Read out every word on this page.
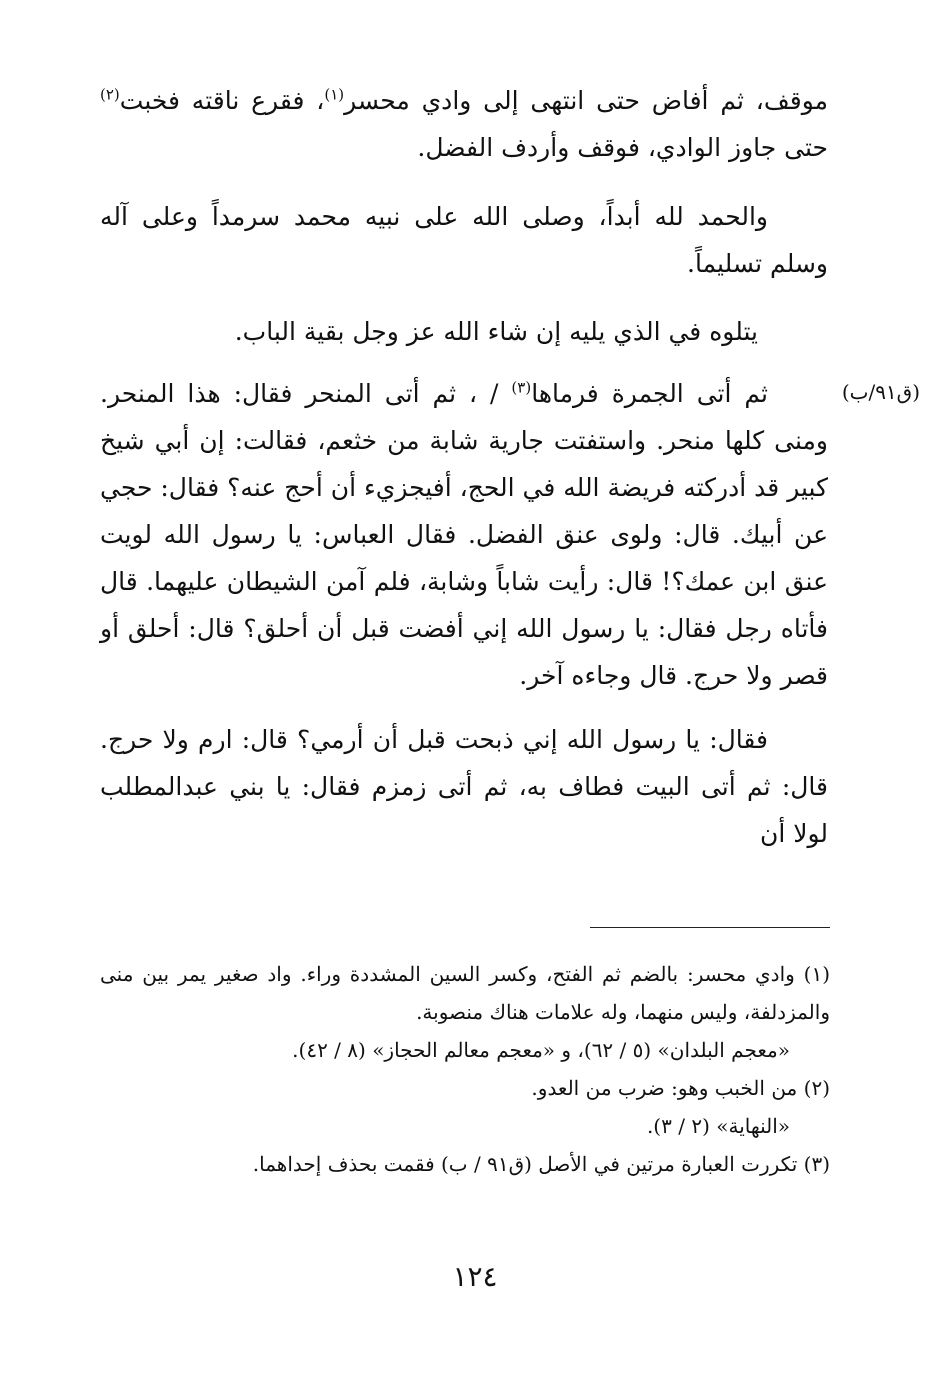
موقف، ثم أفاض حتى انتهى إلى وادي محسر$^{(١)}$، فقرع ناقته فخبت$^{(٢)}$ حتى جاوز الوادي، فوقف وأردف الفضل.
والحمد لله أبداً، وصلى الله على نبيه محمد سرمداً وعلى آله وسلم تسليماً.
يتلوه في الذي يليه إن شاء الله عز وجل بقية الباب.
(ق٩١/ب)
ثم أتى الجمرة فرماها$^{(٣)}$ / ، ثم أتى المنحر فقال: هذا المنحر. ومنى كلها منحر. واستفتت جارية شابة من خثعم، فقالت: إن أبي شيخ كبير قد أدركته فريضة الله في الحج، أفيجزيء أن أحج عنه؟ فقال: حجي عن أبيك. قال: ولوى عنق الفضل. فقال العباس: يا رسول الله لويت عنق ابن عمك؟! قال: رأيت شاباً وشابة، فلم آمن الشيطان عليهما. قال فأتاه رجل فقال: يا رسول الله إني أفضت قبل أن أحلق؟ قال: أحلق أو قصر ولا حرج. قال وجاءه آخر.
فقال: يا رسول الله إني ذبحت قبل أن أرمي؟ قال: ارم ولا حرج. قال: ثم أتى البيت فطاف به، ثم أتى زمزم فقال: يا بني عبدالمطلب لولا أن

(١) وادي محسر: بالضم ثم الفتح، وكسر السين المشددة وراء. واد صغير يمر بين منى والمزدلفة، وليس منهما، وله علامات هناك منصوبة.

«معجم البلدان» (٥ / ٦٢)، و «معجم معالم الحجاز» (٨ / ٤٢).

(٢) من الخبب وهو: ضرب من العدو.

«النهاية» (٢ / ٣).

(٣) تكررت العبارة مرتين في الأصل (ق٩١ / ب) فقمت بحذف إحداهما.

١٢٤
